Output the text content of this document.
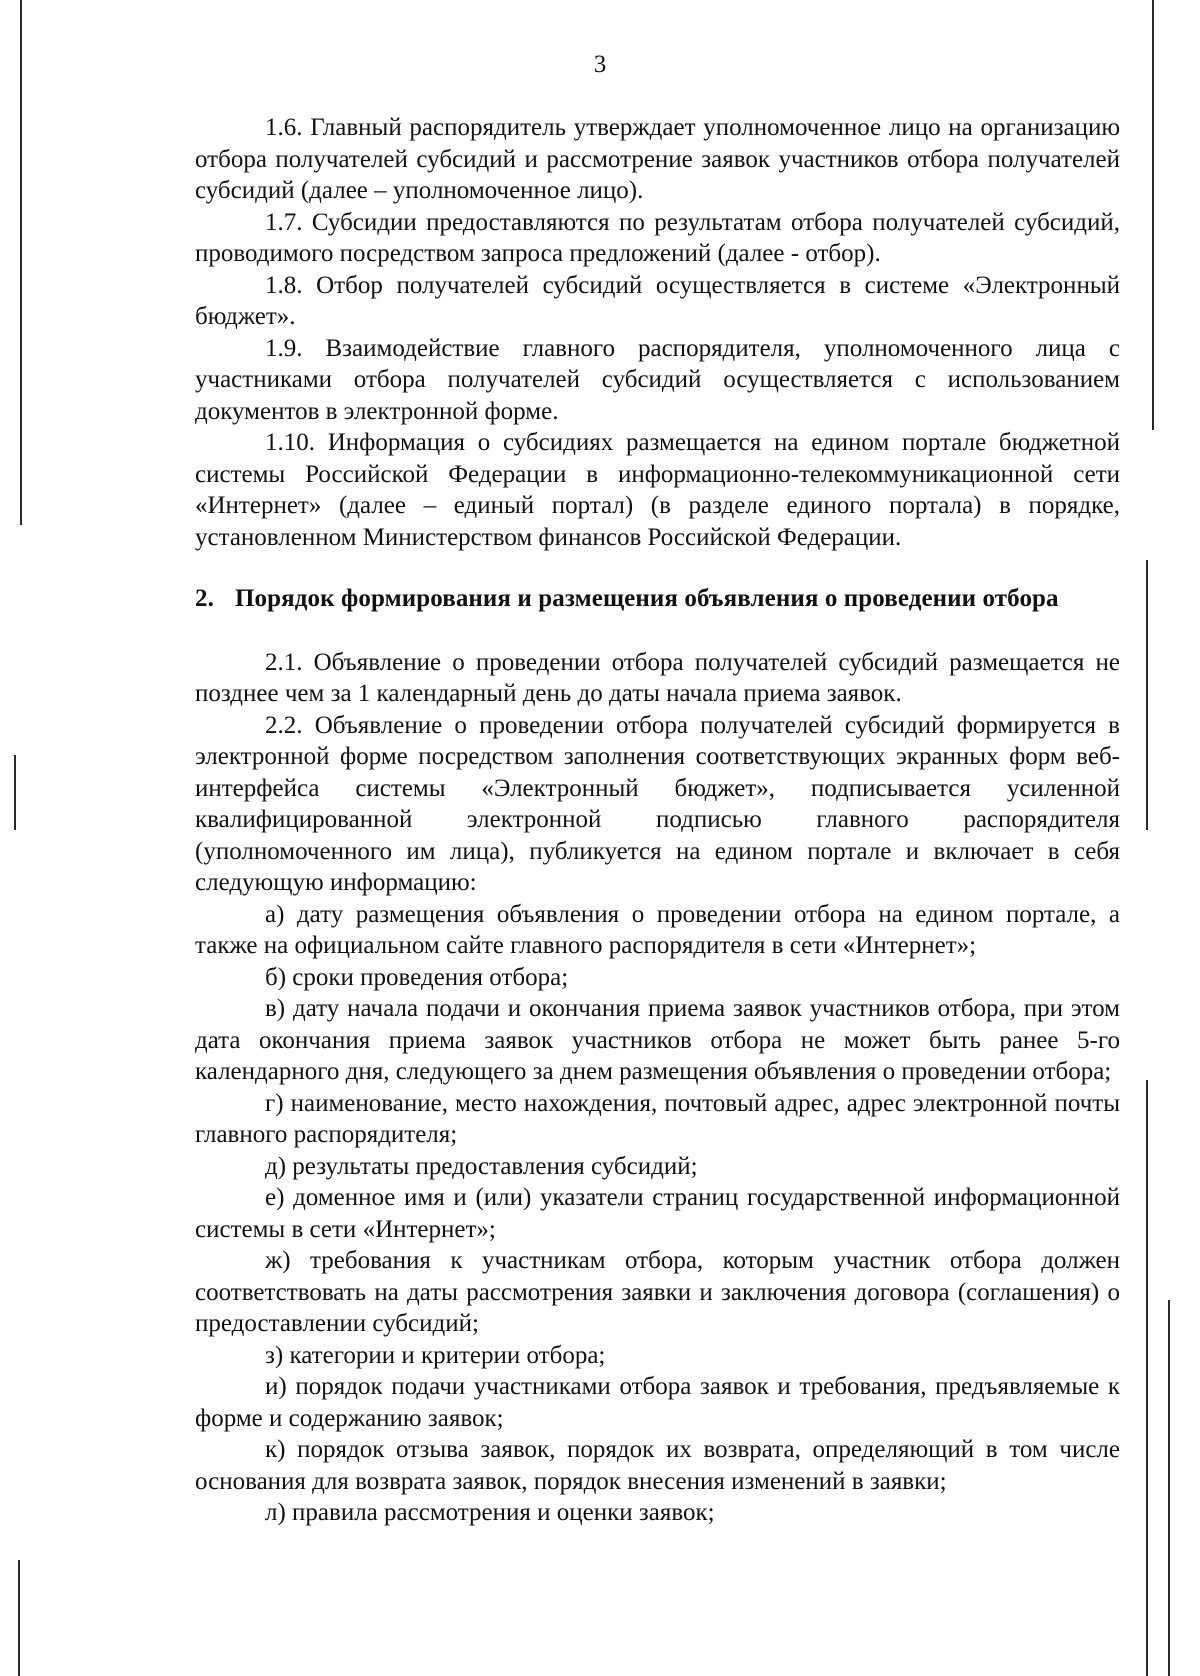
3

1.6. Главный распорядитель утверждает уполномоченное лицо на организацию отбора получателей субсидий и рассмотрение заявок участников отбора получателей субсидий (далее – уполномоченное лицо).

1.7. Субсидии предоставляются по результатам отбора получателей субсидий, проводимого посредством запроса предложений (далее - отбор).

1.8. Отбор получателей субсидий осуществляется в системе «Электронный бюджет».

1.9. Взаимодействие главного распорядителя, уполномоченного лица с участниками отбора получателей субсидий осуществляется с использованием документов в электронной форме.

1.10. Информация о субсидиях размещается на едином портале бюджетной системы Российской Федерации в информационно-телекоммуникационной сети «Интернет» (далее – единый портал) (в разделе единого портала) в порядке, установленном Министерством финансов Российской Федерации.

2. Порядок формирования и размещения объявления о проведении отбора

2.1. Объявление о проведении отбора получателей субсидий размещается не позднее чем за 1 календарный день до даты начала приема заявок.

2.2. Объявление о проведении отбора получателей субсидий формируется в электронной форме посредством заполнения соответствующих экранных форм веб-интерфейса системы «Электронный бюджет», подписывается усиленной квалифицированной электронной подписью главного распорядителя (уполномоченного им лица), публикуется на едином портале и включает в себя следующую информацию:

а) дату размещения объявления о проведении отбора на едином портале, а также на официальном сайте главного распорядителя в сети «Интернет»;

б) сроки проведения отбора;

в) дату начала подачи и окончания приема заявок участников отбора, при этом дата окончания приема заявок участников отбора не может быть ранее 5-го календарного дня, следующего за днем размещения объявления о проведении отбора;

г) наименование, место нахождения, почтовый адрес, адрес электронной почты главного распорядителя;

д) результаты предоставления субсидий;

е) доменное имя и (или) указатели страниц государственной информационной системы в сети «Интернет»;

ж) требования к участникам отбора, которым участник отбора должен соответствовать на даты рассмотрения заявки и заключения договора (соглашения) о предоставлении субсидий;

з) категории и критерии отбора;

и) порядок подачи участниками отбора заявок и требования, предъявляемые к форме и содержанию заявок;

к) порядок отзыва заявок, порядок их возврата, определяющий в том числе основания для возврата заявок, порядок внесения изменений в заявки;

л) правила рассмотрения и оценки заявок;
